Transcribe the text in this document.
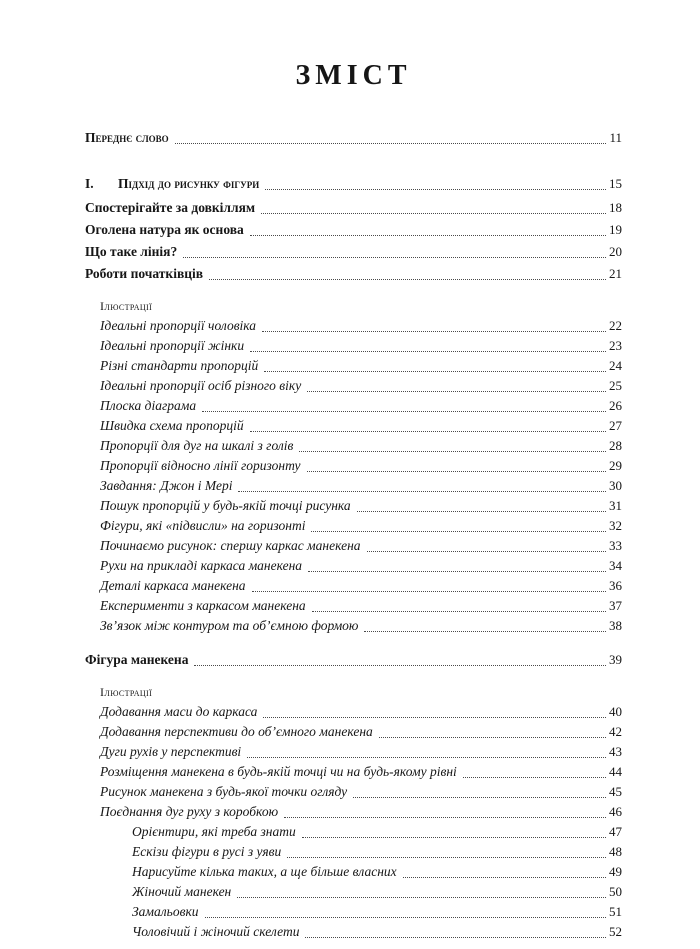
ЗМІСТ
Переднє слово	11
I.	Підхід до рисунку фігури	15
Спостерігайте за довкіллям	18
Оголена натура як основа	19
Що таке лінія?	20
Роботи початківців	21
Ілюстрації
Ідеальні пропорції чоловіка	22
Ідеальні пропорції жінки	23
Різні стандарти пропорцій	24
Ідеальні пропорції осіб різного віку	25
Плоска діаграма	26
Швидка схема пропорцій	27
Пропорції для дуг на шкалі з голів	28
Пропорції відносно лінії горизонту	29
Завдання: Джон і Мері	30
Пошук пропорцій у будь-якій точці рисунка	31
Фігури, які «підвисли» на горизонті	32
Починаємо рисунок: спершу каркас манекена	33
Рухи на прикладі каркаса манекена	34
Деталі каркаса манекена	36
Експерименти з каркасом манекена	37
Зв’язок між контуром та об’ємною формою	38
Фігура манекена	39
Ілюстрації
Додавання маси до каркаса	40
Додавання перспективи до об’ємного манекена	42
Дуги рухів у перспективі	43
Розміщення манекена в будь-якій точці чи на будь-якому рівні	44
Рисунок манекена з будь-якої точки огляду	45
Поєднання дуг руху з коробкою	46
Орієнтири, які треба знати	47
Ескізи фігури в русі з уяви	48
Нарисуйте кілька таких, а ще більше власних	49
Жіночий манекен	50
Замальовки	51
Чоловічий і жіночий скелети	52
